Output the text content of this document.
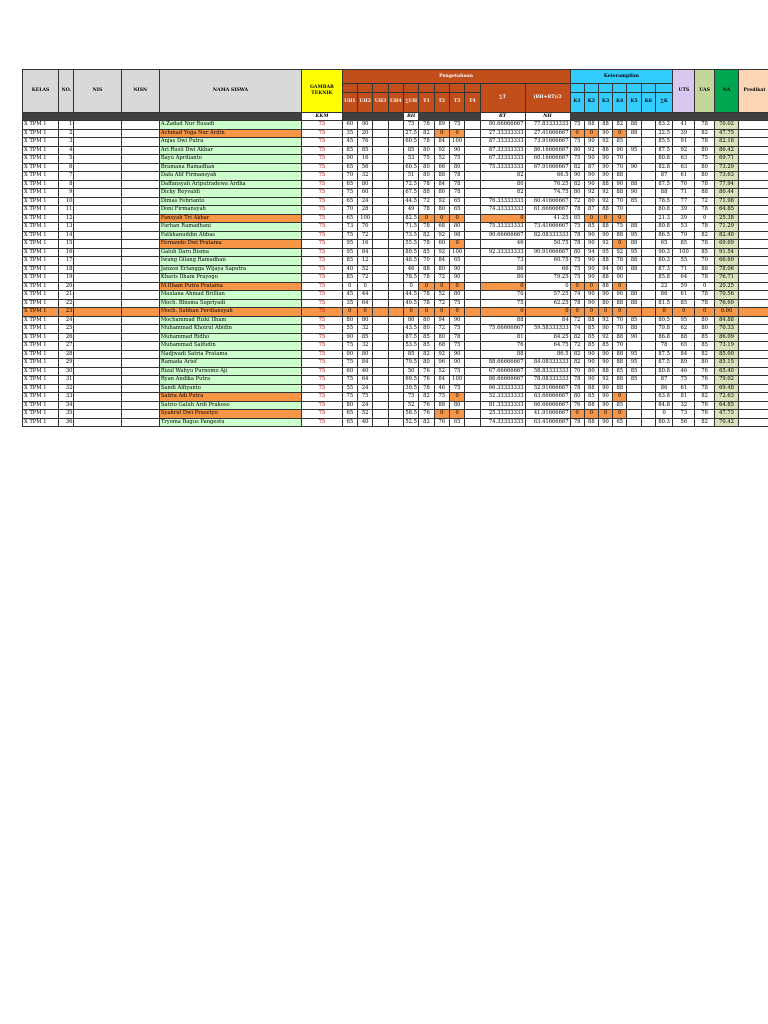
KELAS	NO.	NIS	NISN	NAMA SISWA	GAMBAR TEKNIK	Pengetahuan											Keterampilan							UTS	UAS	NA	Predikat
															∑T	(RH+RT)/2											
						UH1	UH2	UH3	UH4	∑UH	T1	T2	T3	T4			K1	K2	K3	K4	K5	K6	∑K				
					KKM					RH					RT	NH											
X TPM 1	1			A.Zadad Nur Rusadi	75	60	90			75	78	89	75		80.66666667	77.83333333	75	88	88	82	88		83.2	41	78	70.02	
X TPM 1	2			Achmad Yoga Nur Arifin	75	35	20			27.5	82	0	0		27.33333333	27.41666667	0	0	90	0	88		22.5	39	82	47.75	
X TPM 1	3			Anjas Dwi Putra	75	45	76			60.5	78	84	100		87.33333333	73.91666667	75	90	92	85			85.5	91	78	82.18	
X TPM 1	4			Ari Rusli Dwi Akbar	75	85	85			85	80	92	90		87.33333333	86.16666667	80	92	88	90	95		87.5	92	80	86.42	
X TPM 1	5			Bayu Aprilianto	75	90	16			53	75	52	75		67.33333333	60.16666667	75	90	90	70			80.8	63	75	69.71	
X TPM 1	6			Bramana Ramadhan	75	65	56			60.5	80	66	80		75.33333333	67.91666667	82	87	90	70	90		82.8	63	80	73.29	
X TPM 1	7			Dafa Alif Firmansyah	75	70	32			51	80	88	78		82	66.5	90	90	90	88			87	61	80	73.63	
X TPM 1	8			Daffansyah Ariputradewa Ardha	75	65	80			72.5	78	84	78		80	76.25	82	90	88	90	88		87.5	70	78	77.94	
X TPM 1	9			Dicky Reyvaldi	75	75	60			67.5	88	80	78		82	74.75	80	92	92	88	90		88	71	88	80.44	
X TPM 1	10			Dimas Febrianto	75	65	24			44.5	72	92	65		76.33333333	60.41666667	72	80	92	70	85		78.5	77	72	71.98	
X TPM 1	11			Doni Firmansyah	75	70	28			49	78	80	65		74.33333333	61.66666667	78	87	88	70			80.8	39	78	64.85	
X TPM 1	12			Fansyah Tri Akbar	75	65	100			82.5	0	0	0		0	41.25	85	0	0	0			21.3	39	0	25.38	
X TPM 1	13			Farhan Ramadhani	75	73	70			71.5	78	68	80		75.33333333	73.41666667	75	85	88	75	88		80.8	53	78	71.29	
X TPM 1	14			Fatkhanuddin Abbas	75	75	72			73.5	82	92	98		90.66666667	82.08333333	78	90	90	88	95		86.5	79	82	82.40	
X TPM 1	15			Fernando Dwi Pratama	75	95	16			55.5	78	60	0		46	50.75	78	90	92	0	88		65	85	78	69.69	
X TPM 1	16			Galuh Daru Bisma	75	95	84			89.5	85	92	100		92.33333333	90.91666667	80	94	95	92	95		90.3	100	85	91.54	
X TPM 1	17			Iwang Gilang Ramadhan	75	85	12			48.5	70	84	65		73	60.75	75	90	88	78	88		80.3	55	70	66.60	
X TPM 1	18			Janzen Erlangga Wijaya Saputra	75	40	52			46	88	80	90		86	66	75	90	94	90	88		87.3	71	88	78.06	
X TPM 1	19			Kharis Ilham Prayogo	75	85	72			78.5	78	72	90		80	79.25	75	90	88	90			85.8	64	78	76.71	
X TPM 1	20			M.Ilham Putra Pratama	75	0	0			0	0	0	0		0	0	0	0	88	0			22	59	0	20.25	
X TPM 1	21			Maulana Ahmad Brillian	75	45	44			44.5	78	52	80		70	57.25	74	90	90	90	88		86	61	78	70.56	
X TPM 1	22			Moch. Bhisma Supriyadi	75	35	64			49.5	78	72	75		75	62.25	78	90	80	88	88		81.5	85	78	76.69	
X TPM 1	23			Moch. Subhan Ferdiansyah	75	0	0			0	0	0	0		0	0	0	0	0	0			0	0	0	0.00	
X TPM 1	24			Mochammad Rizki Ilham	75	80	80			80	80	94	90		88	84	72	88	92	70	85		80.5	95	80	84.88	
X TPM 1	25			Muhammad Khoirul Abidin	75	55	32			43.5	80	72	75		75.66666667	59.58333333	74	85	90	70	88		79.8	62	80	70.33	
X TPM 1	26			Muhammad Ridho	75	90	85			87.5	85	80	78		81	84.25	82	85	92	88	90		86.8	88	85	86.09	
X TPM 1	27			Muhammad Saifudin	75	75	32			53.5	85	68	75		76	64.75	72	85	85	70			78	65	85	73.19	
X TPM 1	28			Nadjwadi Satria Pratama	75	90	80			85	82	92	90		88	86.5	82	90	90	88	95		87.5	84	82	85.00	
X TPM 1	29			Ramada Arief	75	75	84			79.5	80	96	90		88.66666667	84.08333333	82	90	90	88	95		87.5	89	80	85.15	
X TPM 1	30			Rizal Wahyu Purnomo Aji	75	60	40			50	76	52	75		67.66666667	58.83333333	70	80	88	85	85		80.8	46	76	65.40	
X TPM 1	31			Ryan Andika Putra	75	75	64			69.5	76	84	100		86.66666667	78.08333333	78	90	92	88	85		87	75	76	79.02	
X TPM 1	32			Sandi Alfiyanto	75	55	24			39.5	78	46	75		66.33333333	52.91666667	78	88	90	88			86	61	78	69.48	
X TPM 1	33			Satria Adi Putra	75	75	75			75	82	75	0		52.33333333	63.66666667	80	85	90	0			63.8	81	82	72.63	
X TPM 1	34			Satrio Galuh Ardi Prakoso	75	80	24			52	76	88	80		81.33333333	66.66666667	76	88	90	85			84.8	32	76	64.85	
X TPM 1	35			Syahrul Dwi Prasetyo	75	65	52			58.5	76	0	0		25.33333333	41.91666667	0	0	0	0			0	73	76	47.73	
X TPM 1	36			Tryoma Bagus Pangestu	75	65	40			52.5	82	76	65		74.33333333	63.41666667	78	88	90	65			80.3	56	82	70.42	
